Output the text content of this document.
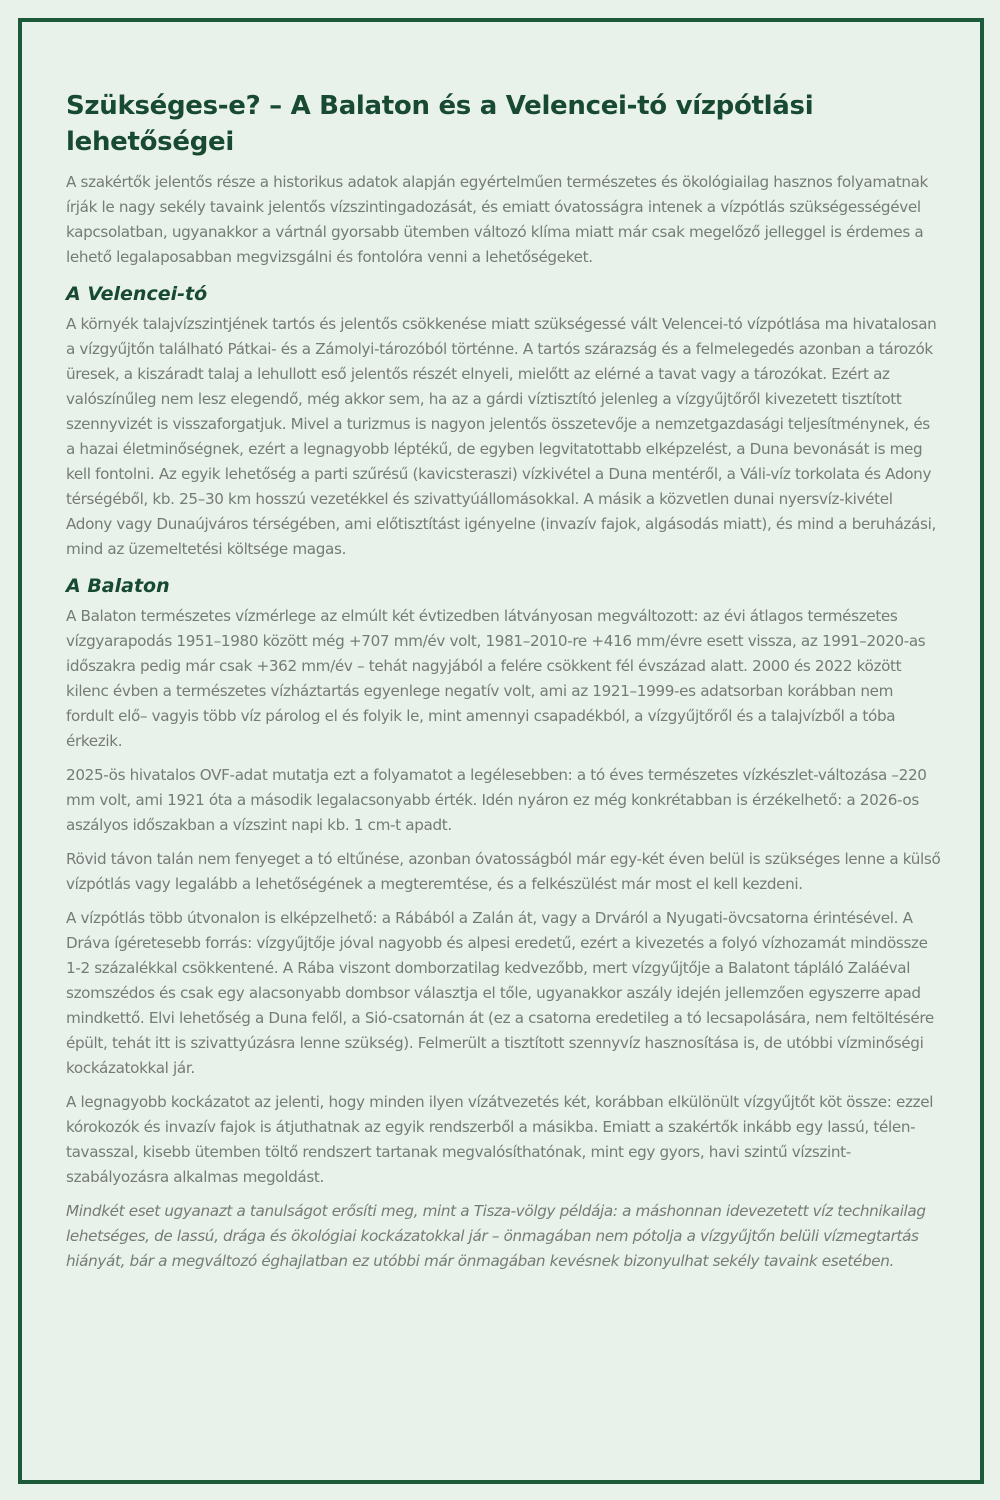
Szükséges-e? – A Balaton és a Velencei-tó vízpótlási lehetőségei

A szakértők jelentős része a historikus adatok alapján egyértelműen természetes és ökológiailag hasznos folyamatnak írják le nagy sekély tavaink jelentős vízszintingadozását, és emiatt óvatosságra intenek a vízpótlás szükségességével kapcsolatban, ugyanakkor a vártnál gyorsabb ütemben változó klíma miatt már csak megelőző jelleggel is érdemes a lehető legalaposabban megvizsgálni és fontolóra venni a lehetőségeket.

A Velencei-tó

A környék talajvízszintjének tartós és jelentős csökkenése miatt szükségessé vált Velencei-tó vízpótlása ma hivatalosan a vízgyűjtőn található Pátkai- és a Zámolyi-tározóból történne. A tartós szárazság és a felmelegedés azonban a tározók üresek, a kiszáradt talaj a lehullott eső jelentős részét elnyeli, mielőtt az elérné a tavat vagy a tározókat. Ezért az valószínűleg nem lesz elegendő, még akkor sem, ha az a gárdi víztisztító jelenleg a vízgyűjtőről kivezetett tisztított szennyvizét is visszaforgatjuk. Mivel a turizmus is nagyon jelentős összetevője a nemzetgazdasági teljesítménynek, és a hazai életminőségnek, ezért a legnagyobb léptékű, de egyben legvitatottabb elképzelést, a Duna bevonását is meg kell fontolni. Az egyik lehetőség a parti szűrésű (kavicsteraszi) vízkivétel a Duna mentéről, a Váli-víz torkolata és Adony térségéből, kb. 25–30 km hosszú vezetékkel és szivattyúállomásokkal. A másik a közvetlen dunai nyersvíz-kivétel Adony vagy Dunaújváros térségében, ami előtisztítást igényelne (invazív fajok, algásodás miatt), és mind a beruházási, mind az üzemeltetési költsége magas.

A Balaton

A Balaton természetes vízmérlege az elmúlt két évtizedben látványosan megváltozott: az évi átlagos természetes vízgyarapodás 1951–1980 között még +707 mm/év volt, 1981–2010-re +416 mm/évre esett vissza, az 1991–2020-as időszakra pedig már csak +362 mm/év – tehát nagyjából a felére csökkent fél évszázad alatt. 2000 és 2022 között kilenc évben a természetes vízháztartás egyenlege negatív volt, ami az 1921–1999-es adatsorban korábban nem fordult elő– vagyis több víz párolog el és folyik le, mint amennyi csapadékból, a vízgyűjtőről és a talajvízből a tóba érkezik.

2025-ös hivatalos OVF-adat mutatja ezt a folyamatot a legélesebben: a tó éves természetes vízkészlet-változása –220 mm volt, ami 1921 óta a második legalacsonyabb érték. Idén nyáron ez még konkrétabban is érzékelhető: a 2026-os aszályos időszakban a vízszint napi kb. 1 cm-t apadt.

Rövid távon talán nem fenyeget a tó eltűnése, azonban óvatosságból már egy-két éven belül is szükséges lenne a külső vízpótlás vagy legalább a lehetőségének a megteremtése, és a felkészülést már most el kell kezdeni.

A vízpótlás több útvonalon is elképzelhető: a Rábából a Zalán át, vagy a Drváról a Nyugati-övcsatorna érintésével. A Dráva ígéretesebb forrás: vízgyűjtője jóval nagyobb és alpesi eredetű, ezért a kivezetés a folyó vízhozamát mindössze 1-2 százalékkal csökkentené. A Rába viszont domborzatilag kedvezőbb, mert vízgyűjtője a Balatont tápláló Zaláéval szomszédos és csak egy alacsonyabb dombsor választja el tőle, ugyanakkor aszály idején jellemzően egyszerre apad mindkettő. Elvi lehetőség a Duna felől, a Sió-csatornán át (ez a csatorna eredetileg a tó lecsapolására, nem feltöltésére épült, tehát itt is szivattyúzásra lenne szükség). Felmerült a tisztított szennyvíz hasznosítása is, de utóbbi vízminőségi kockázatokkal jár.

A legnagyobb kockázatot az jelenti, hogy minden ilyen vízátvezetés két, korábban elkülönült vízgyűjtőt köt össze: ezzel kórokozók és invazív fajok is átjuthatnak az egyik rendszerből a másikba. Emiatt a szakértők inkább egy lassú, télen-tavasszal, kisebb ütemben töltő rendszert tartanak megvalósíthatónak, mint egy gyors, havi szintű vízszint-szabályozásra alkalmas megoldást.

Mindkét eset ugyanazt a tanulságot erősíti meg, mint a Tisza-völgy példája: a máshonnan idevezetett víz technikailag lehetséges, de lassú, drága és ökológiai kockázatokkal jár – önmagában nem pótolja a vízgyűjtőn belüli vízmegtartás hiányát, bár a megváltozó éghajlatban ez utóbbi már önmagában kevésnek bizonyulhat sekély tavaink esetében.
